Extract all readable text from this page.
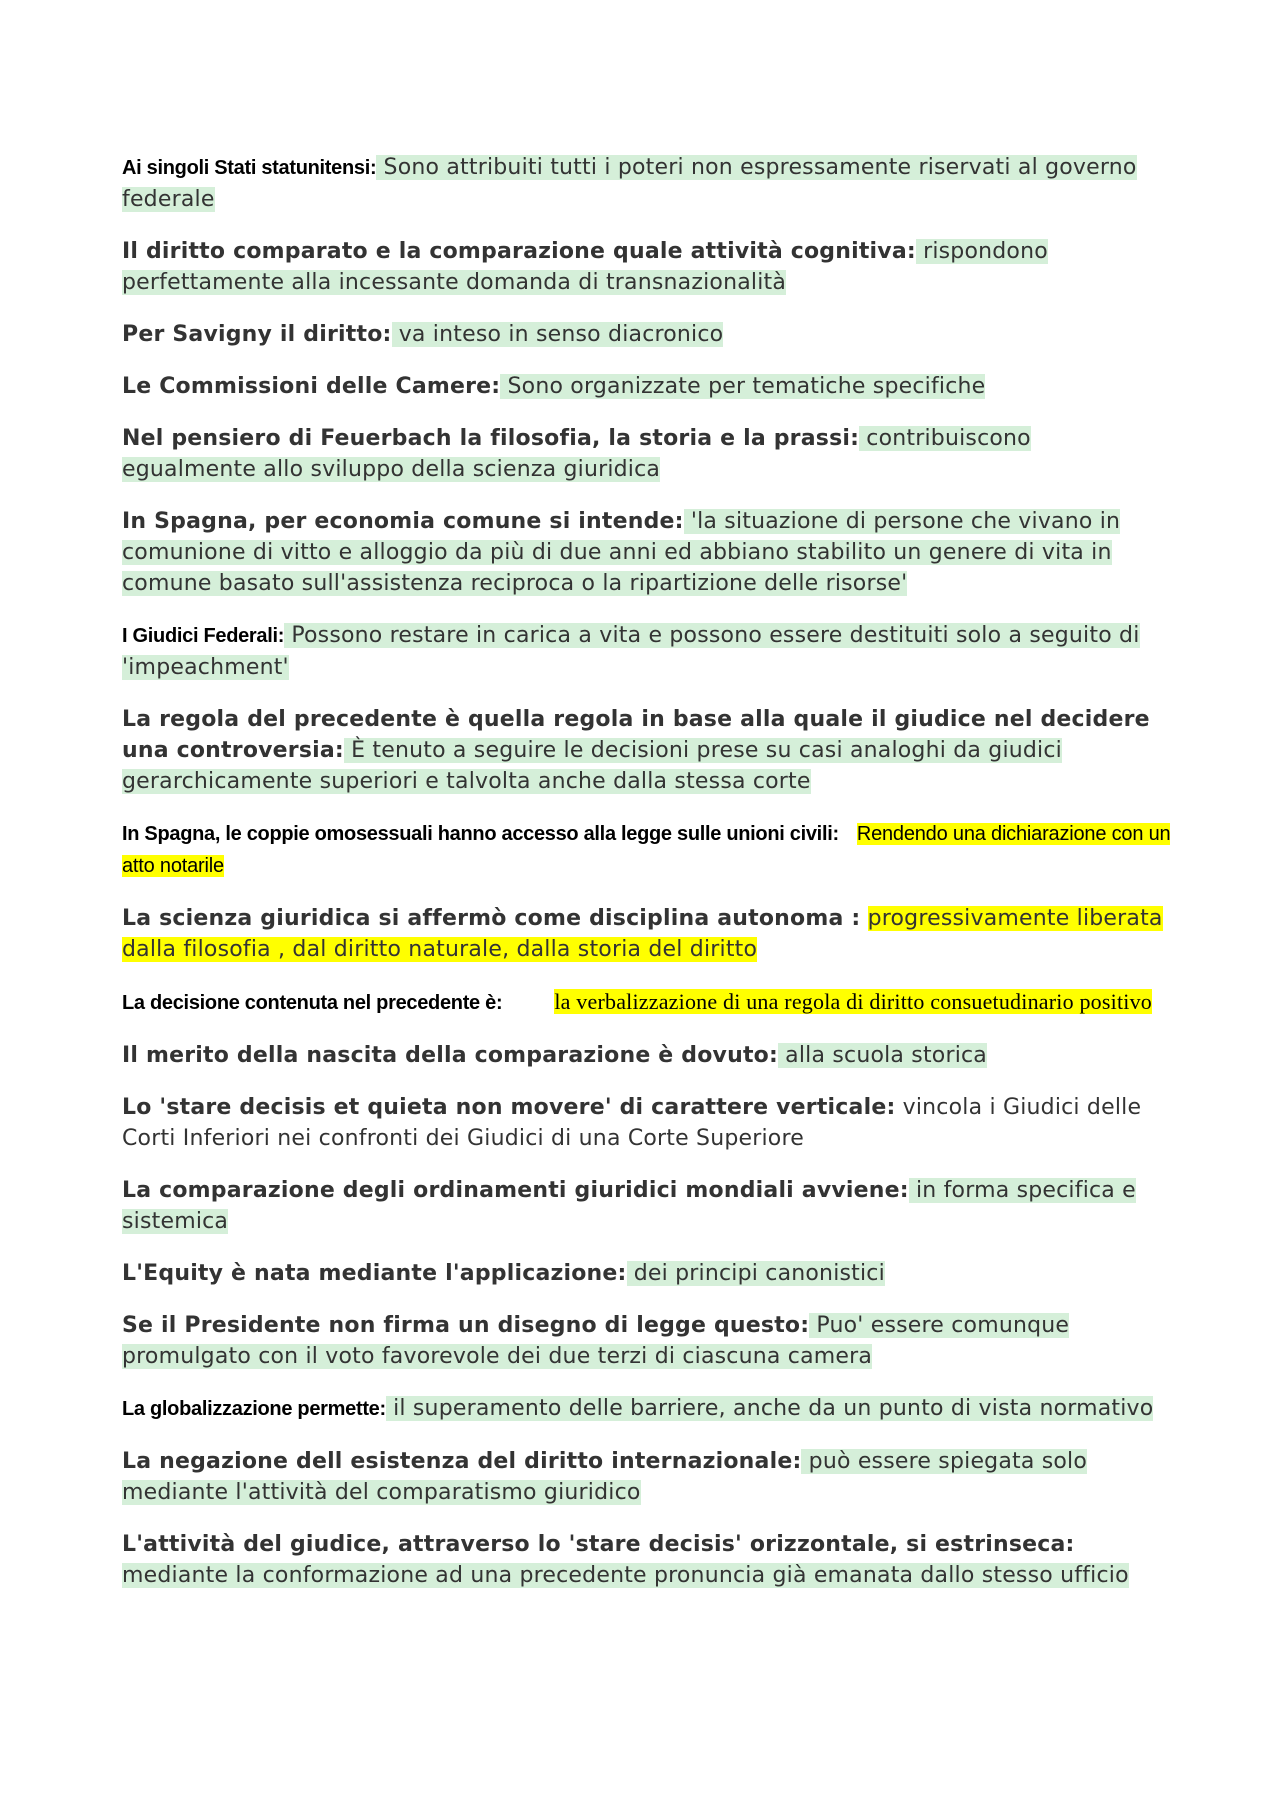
Ai singoli Stati statunitensi: Sono attribuiti tutti i poteri non espressamente riservati al governo federale

Il diritto comparato e la comparazione quale attività cognitiva: rispondono perfettamente alla incessante domanda di transnazionalità

Per Savigny il diritto: va inteso in senso diacronico

Le Commissioni delle Camere: Sono organizzate per tematiche specifiche

Nel pensiero di Feuerbach la filosofia, la storia e la prassi: contribuiscono egualmente allo sviluppo della scienza giuridica

In Spagna, per economia comune si intende: 'la situazione di persone che vivano in comunione di vitto e alloggio da più di due anni ed abbiano stabilito un genere di vita in comune basato sull'assistenza reciproca o la ripartizione delle risorse'

I Giudici Federali: Possono restare in carica a vita e possono essere destituiti solo a seguito di 'impeachment'

La regola del precedente è quella regola in base alla quale il giudice nel decidere una controversia: È tenuto a seguire le decisioni prese su casi analoghi da giudici gerarchicamente superiori e talvolta anche dalla stessa corte

In Spagna, le coppie omosessuali hanno accesso alla legge sulle unioni civili: Rendendo una dichiarazione con un atto notarile

La scienza giuridica si affermò come disciplina autonoma : progressivamente liberata dalla filosofia , dal diritto naturale, dalla storia del diritto

La decisione contenuta nel precedente è: la verbalizzazione di una regola di diritto consuetudinario positivo

Il merito della nascita della comparazione è dovuto: alla scuola storica

Lo 'stare decisis et quieta non movere' di carattere verticale: vincola i Giudici delle Corti Inferiori nei confronti dei Giudici di una Corte Superiore

La comparazione degli ordinamenti giuridici mondiali avviene: in forma specifica e sistemica

L'Equity è nata mediante l'applicazione: dei principi canonistici

Se il Presidente non firma un disegno di legge questo: Puo' essere comunque promulgato con il voto favorevole dei due terzi di ciascuna camera

La globalizzazione permette: il superamento delle barriere, anche da un punto di vista normativo

La negazione dell esistenza del diritto internazionale: può essere spiegata solo mediante l'attività del comparatismo giuridico

L'attività del giudice, attraverso lo 'stare decisis' orizzontale, si estrinseca: mediante la conformazione ad una precedente pronuncia già emanata dallo stesso ufficio
